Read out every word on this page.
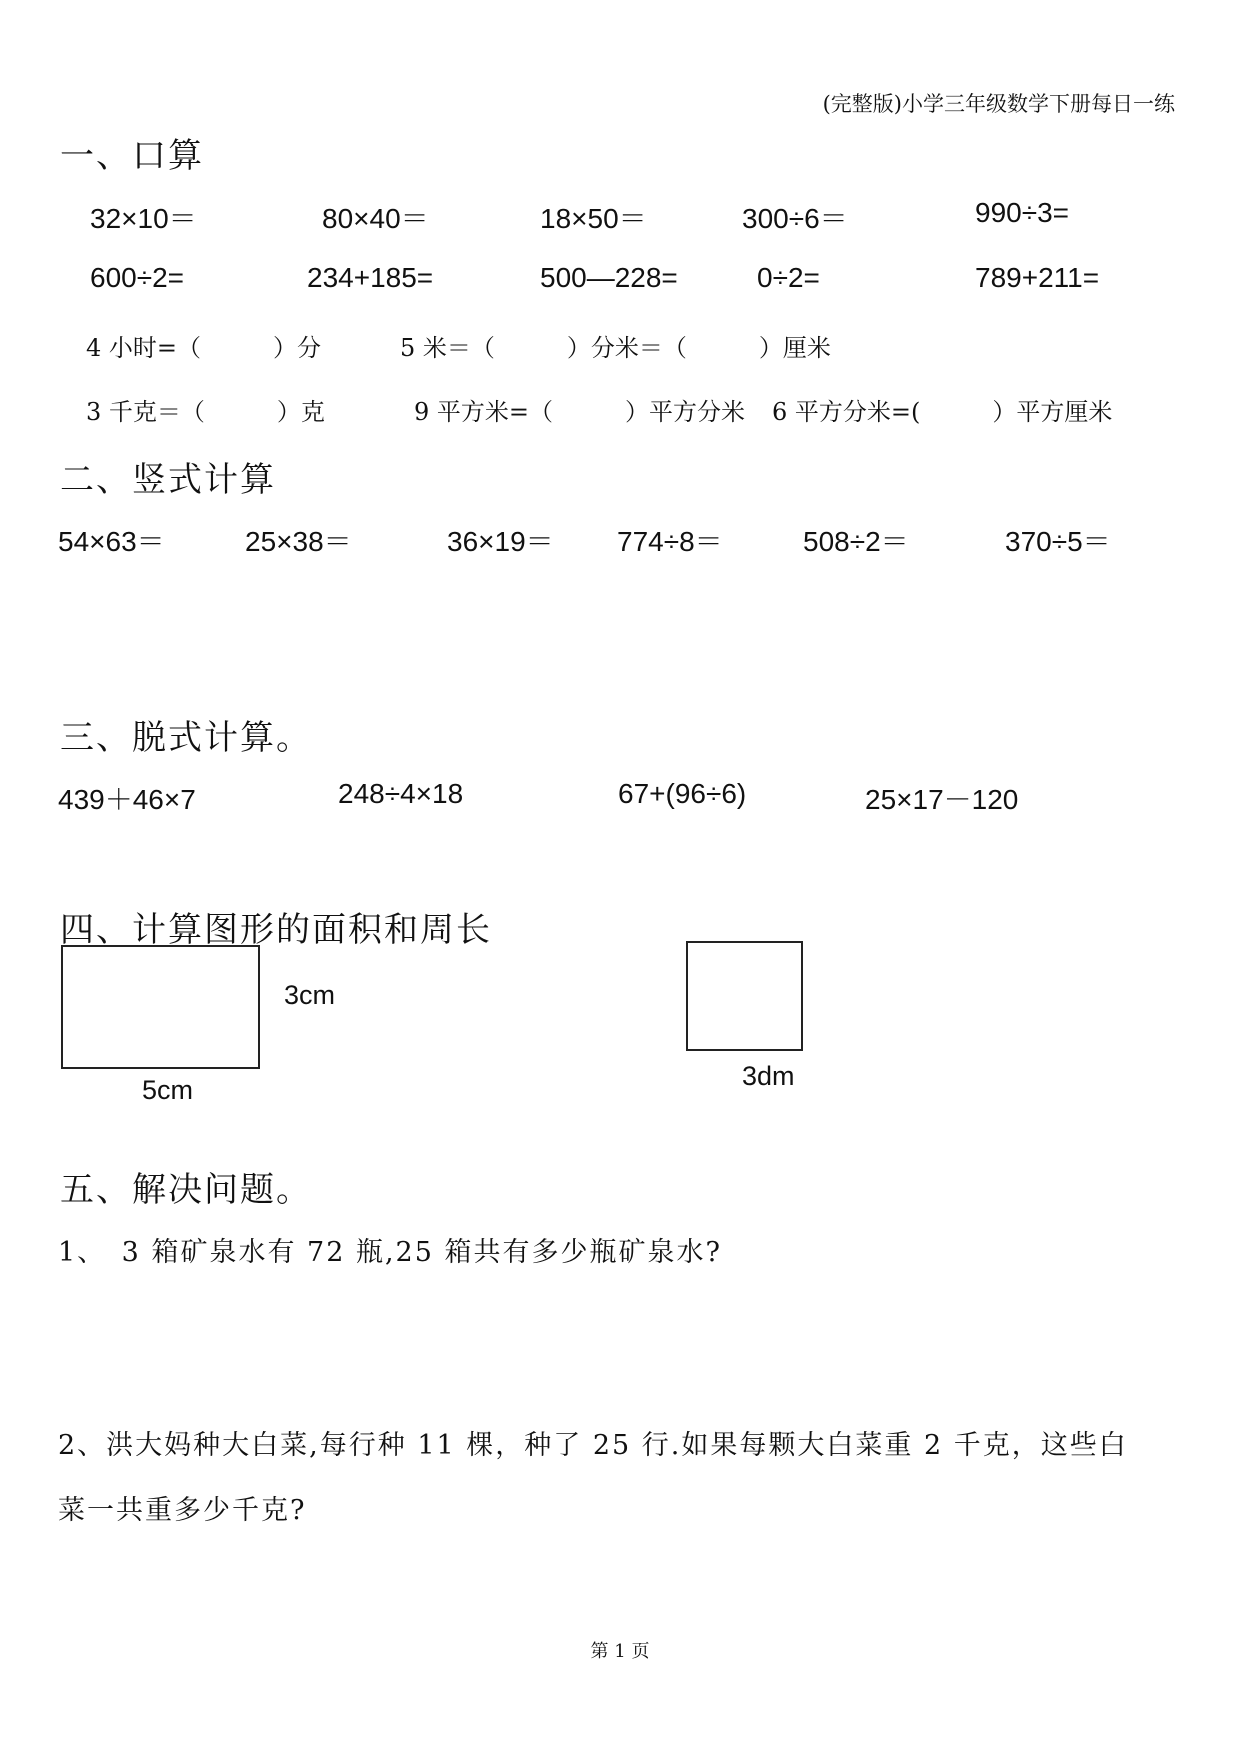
(完整版)小学三年级数学下册每日一练
一、口算
32×10＝	80×40＝	18×50＝	300÷6＝	990÷3=
600÷2=	234+185=	500—228=	0÷2=	789+211=
4 小时=（　　　）分	5 米＝（　　　）分米＝（　　　）厘米
3 千克＝（　　　）克	9 平方米=（　　　）平方分米 6 平方分米=(　　　）平方厘米
二、竖式计算
54×63＝	25×38＝	36×19＝ 774÷8＝	508÷2＝	370÷5＝
三、脱式计算。
439＋46×7	248÷4×18	67+(96÷6)	25×17－120
四、计算图形的面积和周长
3cm
5cm	3dm
五、解决问题。
1、　3 箱矿泉水有 72 瓶,25 箱共有多少瓶矿泉水?
2、洪大妈种大白菜,每行种 11 棵，种了 25 行.如果每颗大白菜重 2 千克，这些白
菜一共重多少千克?
第 1 页
